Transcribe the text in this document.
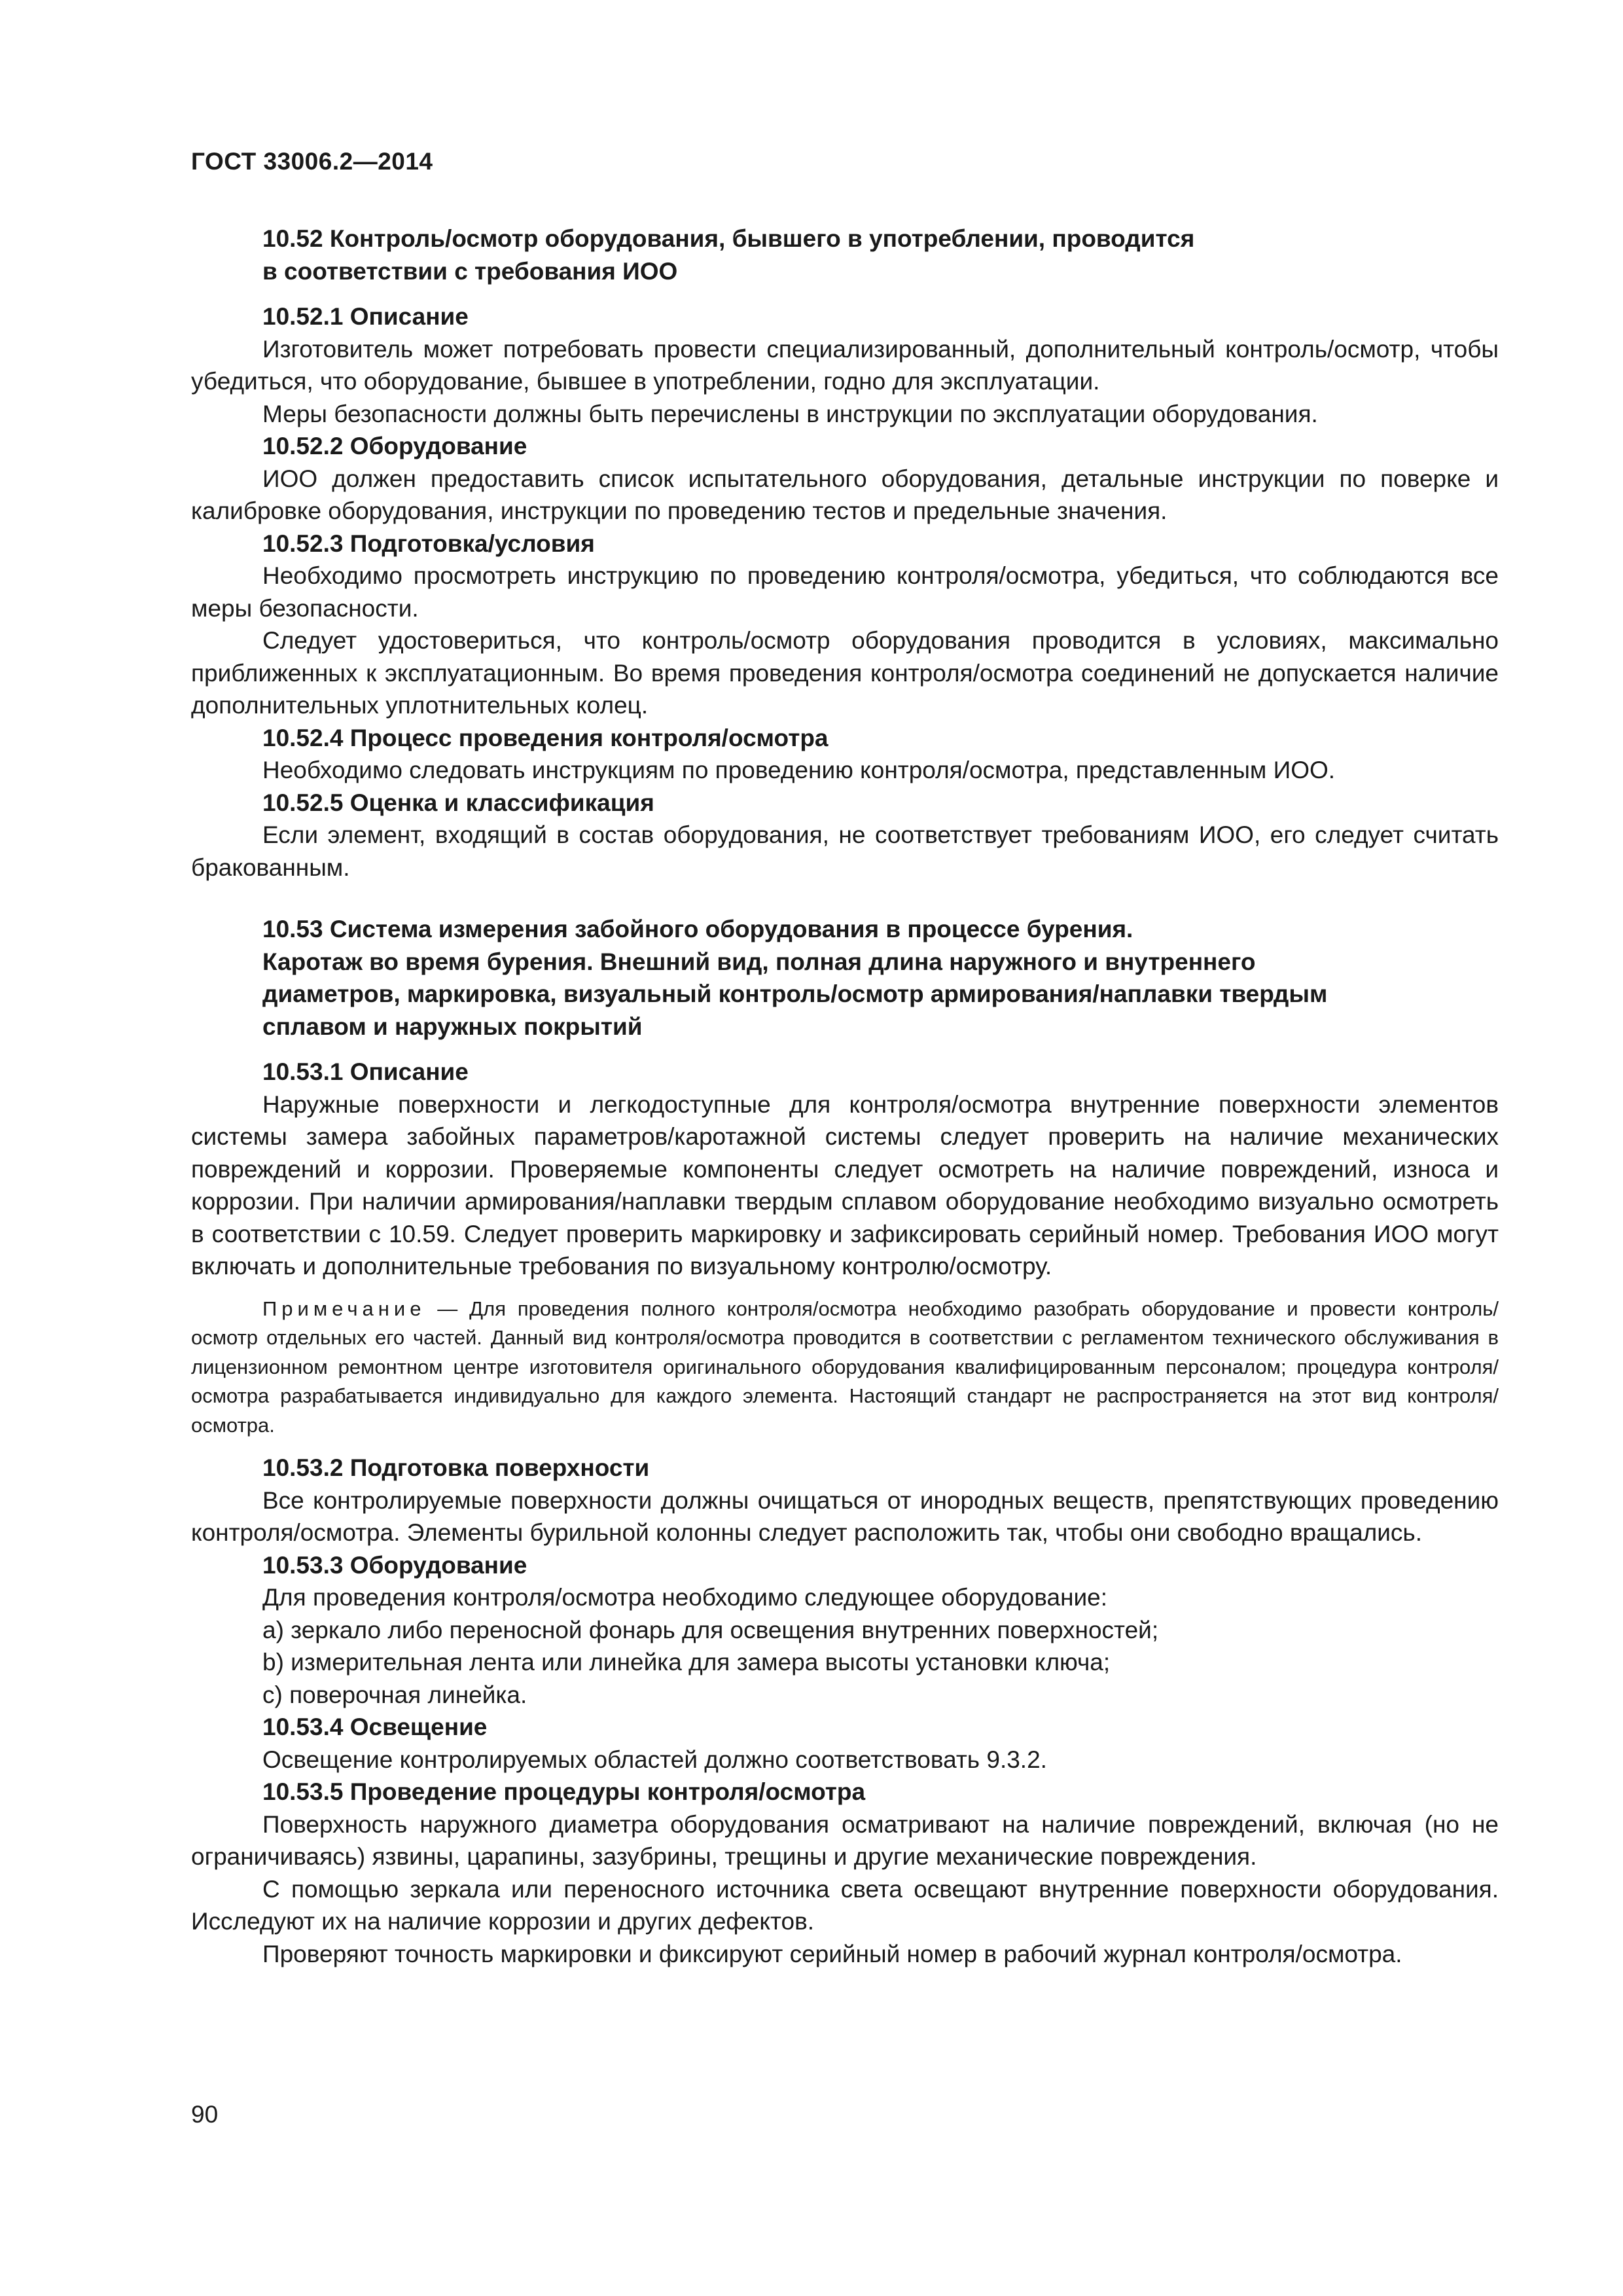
ГОСТ 33006.2—2014
10.52 Контроль/осмотр оборудования, бывшего в употреблении, проводится
в соответствии с требования ИОО
10.52.1 Описание

Изготовитель может потребовать провести специализированный, дополнительный контроль/осмотр, чтобы убедиться, что оборудование, бывшее в употреблении, годно для эксплуатации.

Меры безопасности должны быть перечислены в инструкции по эксплуатации оборудования.

10.52.2 Оборудование

ИОО должен предоставить список испытательного оборудования, детальные инструкции по поверке и калибровке оборудования, инструкции по проведению тестов и предельные значения.

10.52.3 Подготовка/условия

Необходимо просмотреть инструкцию по проведению контроля/осмотра, убедиться, что соблюдаются все меры безопасности.

Следует удостовериться, что контроль/осмотр оборудования проводится в условиях, максимально приближенных к эксплуатационным. Во время проведения контроля/осмотра соединений не допускается наличие дополнительных уплотнительных колец.

10.52.4 Процесс проведения контроля/осмотра

Необходимо следовать инструкциям по проведению контроля/осмотра, представленным ИОО.

10.52.5 Оценка и классификация

Если элемент, входящий в состав оборудования, не соответствует требованиям ИОО, его следует считать бракованным.

10.53 Система измерения забойного оборудования в процессе бурения.
Каротаж во время бурения. Внешний вид, полная длина наружного и внутреннего
диаметров, маркировка, визуальный контроль/осмотр армирования/наплавки твердым
сплавом и наружных покрытий
10.53.1 Описание

Наружные поверхности и легкодоступные для контроля/осмотра внутренние поверхности элементов системы замера забойных параметров/каротажной системы следует проверить на наличие механических повреждений и коррозии. Проверяемые компоненты следует осмотреть на наличие повреждений, износа и коррозии. При наличии армирования/наплавки твердым сплавом оборудование необходимо визуально осмотреть в соответствии с 10.59. Следует проверить маркировку и зафиксировать серийный номер. Требования ИОО могут включать и дополнительные требования по визуальному контролю/осмотру.

Примечание — Для проведения полного контроля/осмотра необходимо разобрать оборудование и провести контроль/осмотр отдельных его частей. Данный вид контроля/осмотра проводится в соответствии с регламентом технического обслуживания в лицензионном ремонтном центре изготовителя оригинального оборудования квалифицированным персоналом; процедура контроля/осмотра разрабатывается индивидуально для каждого элемента. Настоящий стандарт не распространяется на этот вид контроля/осмотра.

10.53.2 Подготовка поверхности

Все контролируемые поверхности должны очищаться от инородных веществ, препятствующих проведению контроля/осмотра. Элементы бурильной колонны следует расположить так, чтобы они свободно вращались.

10.53.3 Оборудование

Для проведения контроля/осмотра необходимо следующее оборудование:

а) зеркало либо переносной фонарь для освещения внутренних поверхностей;
b) измерительная лента или линейка для замера высоты установки ключа;
с) поверочная линейка.
10.53.4 Освещение

Освещение контролируемых областей должно соответствовать 9.3.2.

10.53.5 Проведение процедуры контроля/осмотра

Поверхность наружного диаметра оборудования осматривают на наличие повреждений, включая (но не ограничиваясь) язвины, царапины, зазубрины, трещины и другие механические повреждения.

С помощью зеркала или переносного источника света освещают внутренние поверхности оборудования. Исследуют их на наличие коррозии и других дефектов.

Проверяют точность маркировки и фиксируют серийный номер в рабочий журнал контроля/осмотра.

90
